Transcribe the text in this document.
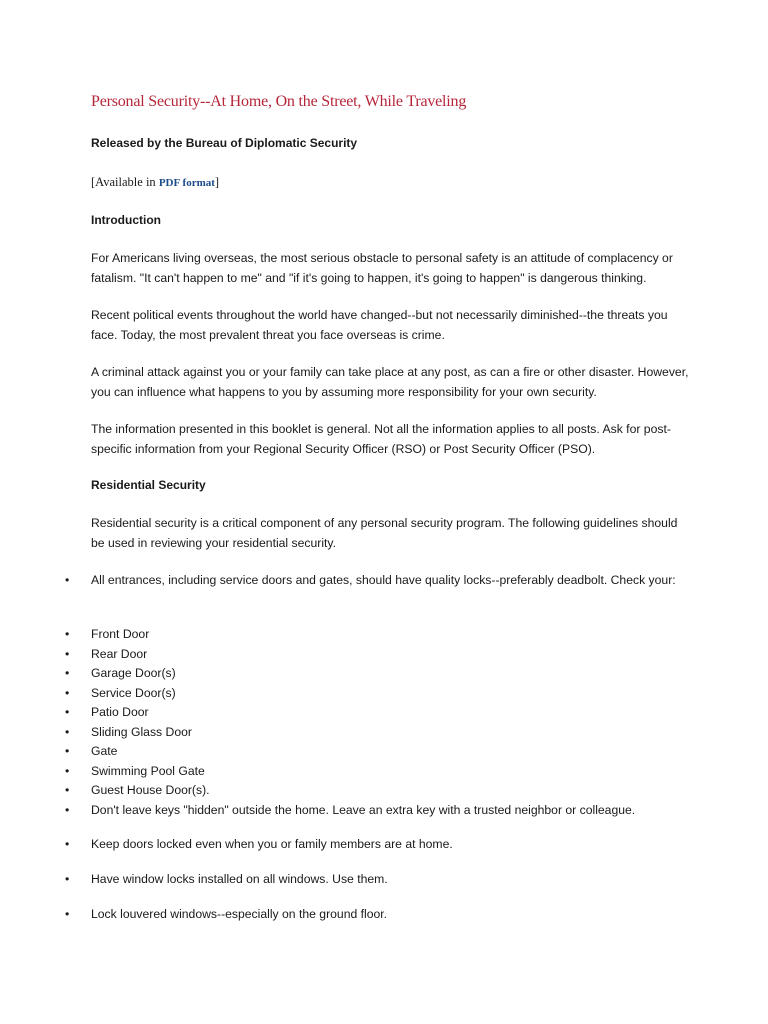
Personal Security--At Home, On the Street, While Traveling
Released by the Bureau of Diplomatic Security
[Available in PDF format]
Introduction
For Americans living overseas, the most serious obstacle to personal safety is an attitude of complacency or fatalism. "It can't happen to me" and "if it's going to happen, it's going to happen" is dangerous thinking.
Recent political events throughout the world have changed--but not necessarily diminished--the threats you face. Today, the most prevalent threat you face overseas is crime.
A criminal attack against you or your family can take place at any post, as can a fire or other disaster. However, you can influence what happens to you by assuming more responsibility for your own security.
The information presented in this booklet is general. Not all the information applies to all posts. Ask for post-specific information from your Regional Security Officer (RSO) or Post Security Officer (PSO).
Residential Security
Residential security is a critical component of any personal security program. The following guidelines should be used in reviewing your residential security.
• All entrances, including service doors and gates, should have quality locks--preferably deadbolt. Check your:
• Front Door
• Rear Door
• Garage Door(s)
• Service Door(s)
• Patio Door
• Sliding Glass Door
• Gate
• Swimming Pool Gate
• Guest House Door(s).
• Don't leave keys "hidden" outside the home. Leave an extra key with a trusted neighbor or colleague.
• Keep doors locked even when you or family members are at home.
• Have window locks installed on all windows. Use them.
• Lock louvered windows--especially on the ground floor.
